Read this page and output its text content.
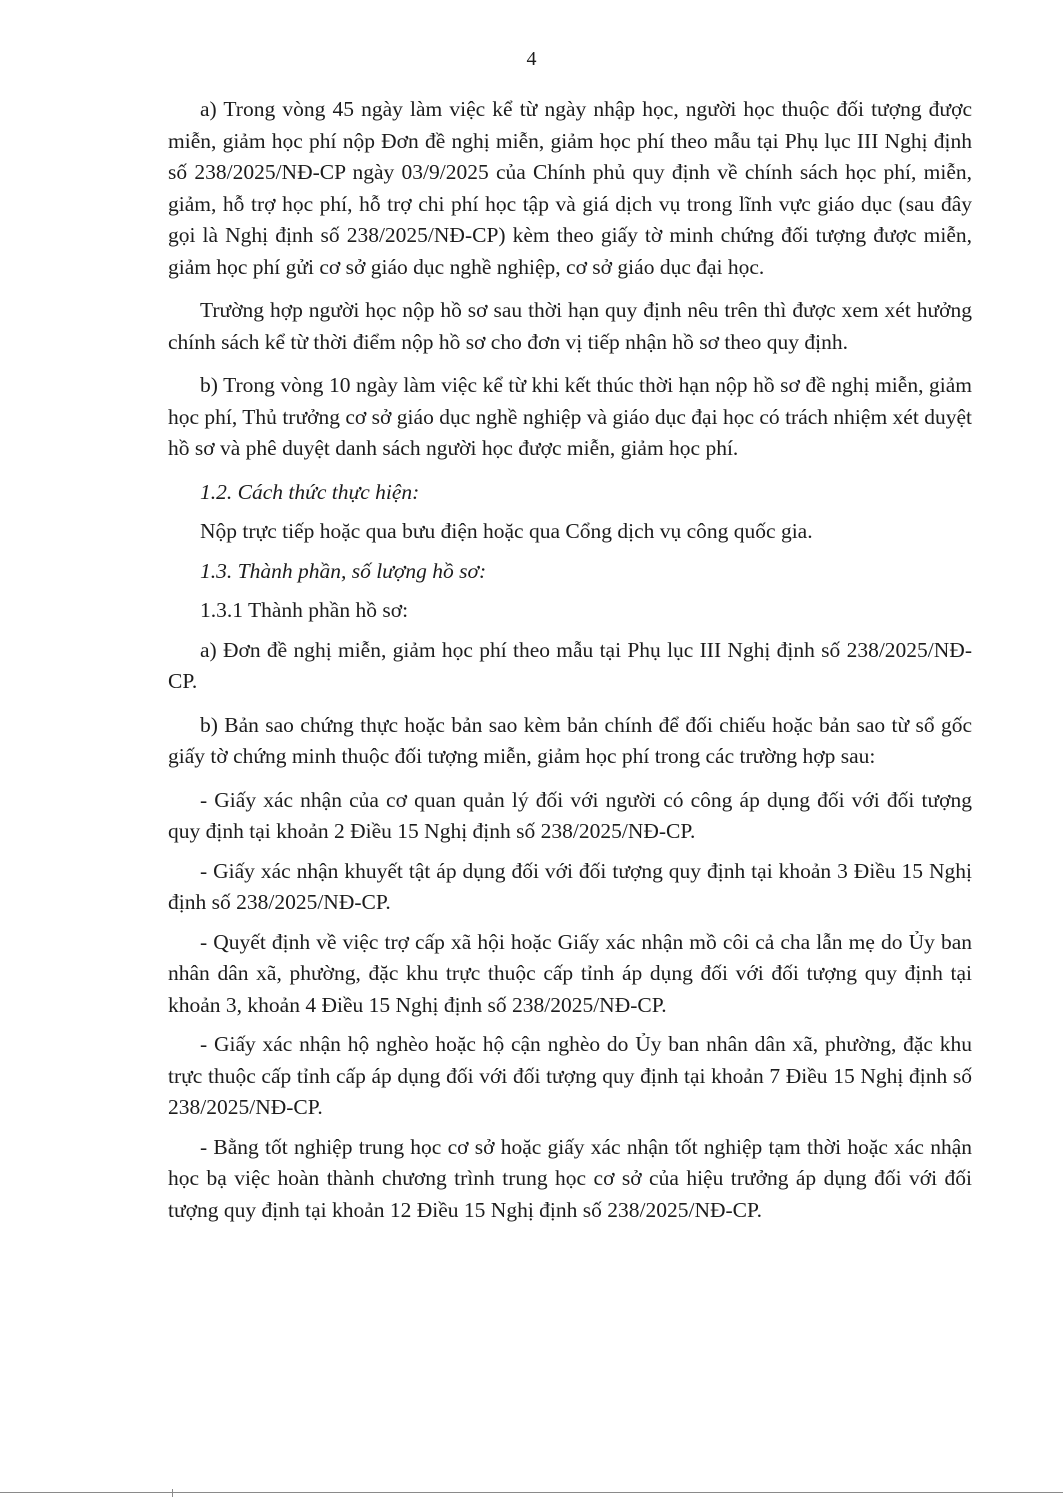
4

a) Trong vòng 45 ngày làm việc kể từ ngày nhập học, người học thuộc đối tượng được miễn, giảm học phí nộp Đơn đề nghị miễn, giảm học phí theo mẫu tại Phụ lục III Nghị định số 238/2025/NĐ-CP ngày 03/9/2025 của Chính phủ quy định về chính sách học phí, miễn, giảm, hỗ trợ học phí, hỗ trợ chi phí học tập và giá dịch vụ trong lĩnh vực giáo dục (sau đây gọi là Nghị định số 238/2025/NĐ-CP) kèm theo giấy tờ minh chứng đối tượng được miễn, giảm học phí gửi cơ sở giáo dục nghề nghiệp, cơ sở giáo dục đại học.

Trường hợp người học nộp hồ sơ sau thời hạn quy định nêu trên thì được xem xét hưởng chính sách kể từ thời điểm nộp hồ sơ cho đơn vị tiếp nhận hồ sơ theo quy định.

b) Trong vòng 10 ngày làm việc kể từ khi kết thúc thời hạn nộp hồ sơ đề nghị miễn, giảm học phí, Thủ trưởng cơ sở giáo dục nghề nghiệp và giáo dục đại học có trách nhiệm xét duyệt hồ sơ và phê duyệt danh sách người học được miễn, giảm học phí.

1.2. Cách thức thực hiện:

Nộp trực tiếp hoặc qua bưu điện hoặc qua Cổng dịch vụ công quốc gia.

1.3. Thành phần, số lượng hồ sơ:

1.3.1 Thành phần hồ sơ:

a) Đơn đề nghị miễn, giảm học phí theo mẫu tại Phụ lục III Nghị định số 238/2025/NĐ-CP.

b) Bản sao chứng thực hoặc bản sao kèm bản chính để đối chiếu hoặc bản sao từ sổ gốc giấy tờ chứng minh thuộc đối tượng miễn, giảm học phí trong các trường hợp sau:

- Giấy xác nhận của cơ quan quản lý đối với người có công áp dụng đối với đối tượng quy định tại khoản 2 Điều 15 Nghị định số 238/2025/NĐ-CP.

- Giấy xác nhận khuyết tật áp dụng đối với đối tượng quy định tại khoản 3 Điều 15 Nghị định số 238/2025/NĐ-CP.

- Quyết định về việc trợ cấp xã hội hoặc Giấy xác nhận mồ côi cả cha lẫn mẹ do Ủy ban nhân dân xã, phường, đặc khu trực thuộc cấp tỉnh áp dụng đối với đối tượng quy định tại khoản 3, khoản 4 Điều 15 Nghị định số 238/2025/NĐ-CP.

- Giấy xác nhận hộ nghèo hoặc hộ cận nghèo do Ủy ban nhân dân xã, phường, đặc khu trực thuộc cấp tỉnh cấp áp dụng đối với đối tượng quy định tại khoản 7 Điều 15 Nghị định số 238/2025/NĐ-CP.

- Bằng tốt nghiệp trung học cơ sở hoặc giấy xác nhận tốt nghiệp tạm thời hoặc xác nhận học bạ việc hoàn thành chương trình trung học cơ sở của hiệu trưởng áp dụng đối với đối tượng quy định tại khoản 12 Điều 15 Nghị định số 238/2025/NĐ-CP.
